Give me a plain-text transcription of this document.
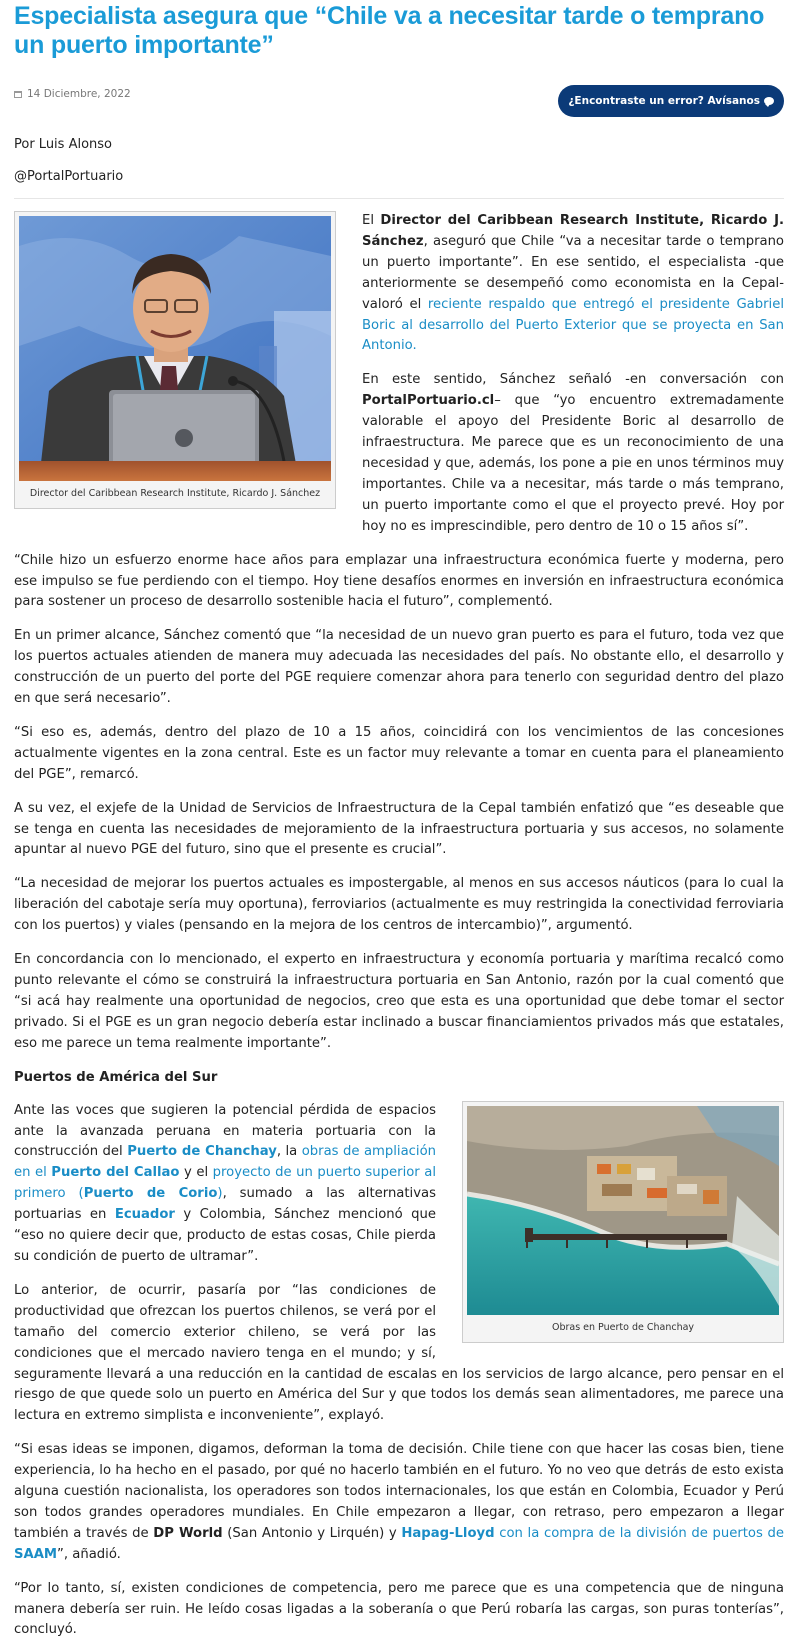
Especialista asegura que “Chile va a necesitar tarde o temprano un puerto importante”
14 Diciembre, 2022
¿Encontraste un error? Avísanos
Por Luis Alonso
@PortalPortuario
Director del Caribbean Research Institute, Ricardo J. Sánchez

El Director del Caribbean Research Institute, Ricardo J. Sánchez, aseguró que Chile “va a necesitar tarde o temprano un puerto importante”. En ese sentido, el especialista -que anteriormente se desempeñó como economista en la Cepal- valoró el reciente respaldo que entregó el presidente Gabriel Boric al desarrollo del Puerto Exterior que se proyecta en San Antonio.

En este sentido, Sánchez señaló -en conversación con PortalPortuario.cl– que “yo encuentro extremadamente valorable el apoyo del Presidente Boric al desarrollo de infraestructura. Me parece que es un reconocimiento de una necesidad y que, además, los pone a pie en unos términos muy importantes. Chile va a necesitar, más tarde o más temprano, un puerto importante como el que el proyecto prevé. Hoy por hoy no es imprescindible, pero dentro de 10 o 15 años sí”.

“Chile hizo un esfuerzo enorme hace años para emplazar una infraestructura económica fuerte y moderna, pero ese impulso se fue perdiendo con el tiempo. Hoy tiene desafíos enormes en inversión en infraestructura económica para sostener un proceso de desarrollo sostenible hacia el futuro”, complementó.

En un primer alcance, Sánchez comentó que “la necesidad de un nuevo gran puerto es para el futuro, toda vez que los puertos actuales atienden de manera muy adecuada las necesidades del país. No obstante ello, el desarrollo y construcción de un puerto del porte del PGE requiere comenzar ahora para tenerlo con seguridad dentro del plazo en que será necesario”.

“Si eso es, además, dentro del plazo de 10 a 15 años, coincidirá con los vencimientos de las concesiones actualmente vigentes en la zona central. Este es un factor muy relevante a tomar en cuenta para el planeamiento del PGE”, remarcó.

A su vez, el exjefe de la Unidad de Servicios de Infraestructura de la Cepal también enfatizó que “es deseable que se tenga en cuenta las necesidades de mejoramiento de la infraestructura portuaria y sus accesos, no solamente apuntar al nuevo PGE del futuro, sino que el presente es crucial”.

“La necesidad de mejorar los puertos actuales es impostergable, al menos en sus accesos náuticos (para lo cual la liberación del cabotaje sería muy oportuna), ferroviarios (actualmente es muy restringida la conectividad ferroviaria con los puertos) y viales (pensando en la mejora de los centros de intercambio)”, argumentó.

En concordancia con lo mencionado, el experto en infraestructura y economía portuaria y marítima recalcó como punto relevante el cómo se construirá la infraestructura portuaria en San Antonio, razón por la cual comentó que “si acá hay realmente una oportunidad de negocios, creo que esta es una oportunidad que debe tomar el sector privado. Si el PGE es un gran negocio debería estar inclinado a buscar financiamientos privados más que estatales, eso me parece un tema realmente importante”.

Puertos de América del Sur
Obras en Puerto de Chanchay

Ante las voces que sugieren la potencial pérdida de espacios ante la avanzada peruana en materia portuaria con la construcción del Puerto de Chanchay, la obras de ampliación en el Puerto del Callao y el proyecto de un puerto superior al primero (Puerto de Corio), sumado a las alternativas portuarias en Ecuador y Colombia, Sánchez mencionó que “eso no quiere decir que, producto de estas cosas, Chile pierda su condición de puerto de ultramar”.

Lo anterior, de ocurrir, pasaría por “las condiciones de productividad que ofrezcan los puertos chilenos, se verá por el tamaño del comercio exterior chileno, se verá por las condiciones que el mercado naviero tenga en el mundo; y sí, seguramente llevará a una reducción en la cantidad de escalas en los servicios de largo alcance, pero pensar en el riesgo de que quede solo un puerto en América del Sur y que todos los demás sean alimentadores, me parece una lectura en extremo simplista e inconveniente”, explayó.

“Si esas ideas se imponen, digamos, deforman la toma de decisión. Chile tiene con que hacer las cosas bien, tiene experiencia, lo ha hecho en el pasado, por qué no hacerlo también en el futuro. Yo no veo que detrás de esto exista alguna cuestión nacionalista, los operadores son todos internacionales, los que están en Colombia, Ecuador y Perú son todos grandes operadores mundiales. En Chile empezaron a llegar, con retraso, pero empezaron a llegar también a través de DP World (San Antonio y Lirquén) y Hapag-Lloyd con la compra de la división de puertos de SAAM”, añadió.

“Por lo tanto, sí, existen condiciones de competencia, pero me parece que es una competencia que de ninguna manera debería ser ruin. He leído cosas ligadas a la soberanía o que Perú robaría las cargas, son puras tonterías”, concluyó.
